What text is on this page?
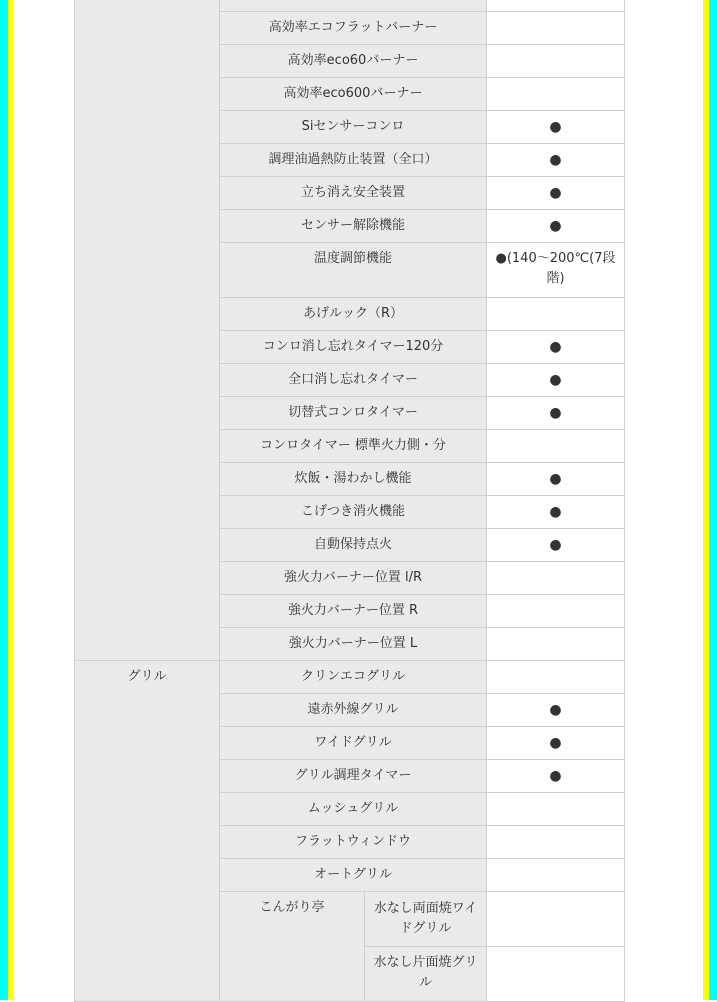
	高効率エコフラットバーナー		
	高効率eco60バーナー		
	高効率eco600バーナー		
	Siセンサーコンロ		●
	調理油過熱防止装置（全口）		●
	立ち消え安全装置		●
	センサー解除機能		●
	温度調節機能		●(140～200℃(7段階)
	あげルック（R）		
	コンロ消し忘れタイマー120分		●
	全口消し忘れタイマー		●
	切替式コンロタイマー		●
	コンロタイマー 標準火力側・分		
	炊飯・湯わかし機能		●
	こげつき消火機能		●
	自動保持点火		●
	強火力バーナー位置 l/R		
	強火力バーナー位置 R		
	強火力バーナー位置 L		
グリル	クリンエコグリル		
	遠赤外線グリル		●
	ワイドグリル		●
	グリル調理タイマー		●
	ムッシュグリル		
	フラットウィンドウ		
	オートグリル		
	こんがり亭	水なし両面焼ワイドグリル	
		水なし片面焼グリル	
